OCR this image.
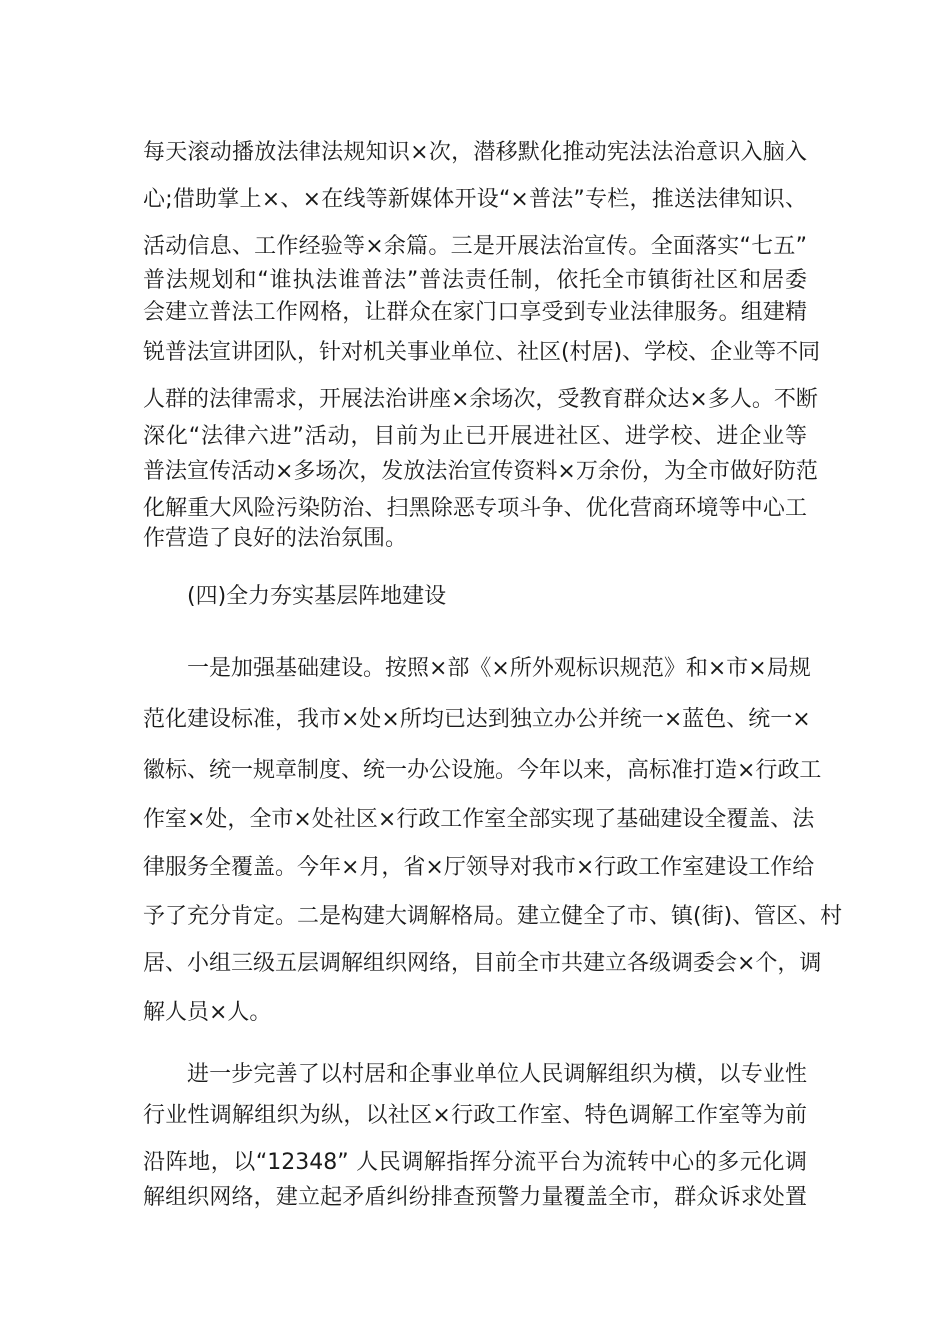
每天滚动播放法律法规知识×次，潜移默化推动宪法法治意识入脑入

心;借助掌上×、×在线等新媒体开设“×普法”专栏，推送法律知识、

活动信息、工作经验等×余篇。三是开展法治宣传。全面落实“七五”

普法规划和“谁执法谁普法”普法责任制，依托全市镇街社区和居委

会建立普法工作网格，让群众在家门口享受到专业法律服务。组建精

锐普法宣讲团队，针对机关事业单位、社区(村居)、学校、企业等不同

人群的法律需求，开展法治讲座×余场次，受教育群众达×多人。不断

深化“法律六进”活动，目前为止已开展进社区、进学校、进企业等

普法宣传活动×多场次，发放法治宣传资料×万余份，为全市做好防范

化解重大风险污染防治、扫黑除恶专项斗争、优化营商环境等中心工

作营造了良好的法治氛围。

(四)全力夯实基层阵地建设

一是加强基础建设。按照×部《×所外观标识规范》和×市×局规

范化建设标准，我市×处×所均已达到独立办公并统一×蓝色、统一×

徽标、统一规章制度、统一办公设施。今年以来，高标准打造×行政工

作室×处，全市×处社区×行政工作室全部实现了基础建设全覆盖、法

律服务全覆盖。今年×月，省×厅领导对我市×行政工作室建设工作给

予了充分肯定。二是构建大调解格局。建立健全了市、镇(街)、管区、村

居、小组三级五层调解组织网络，目前全市共建立各级调委会×个，调

解人员×人。

进一步完善了以村居和企事业单位人民调解组织为横，以专业性

行业性调解组织为纵，以社区×行政工作室、特色调解工作室等为前

沿阵地，以“12348” 人民调解指挥分流平台为流转中心的多元化调

解组织网络，建立起矛盾纠纷排查预警力量覆盖全市，群众诉求处置
